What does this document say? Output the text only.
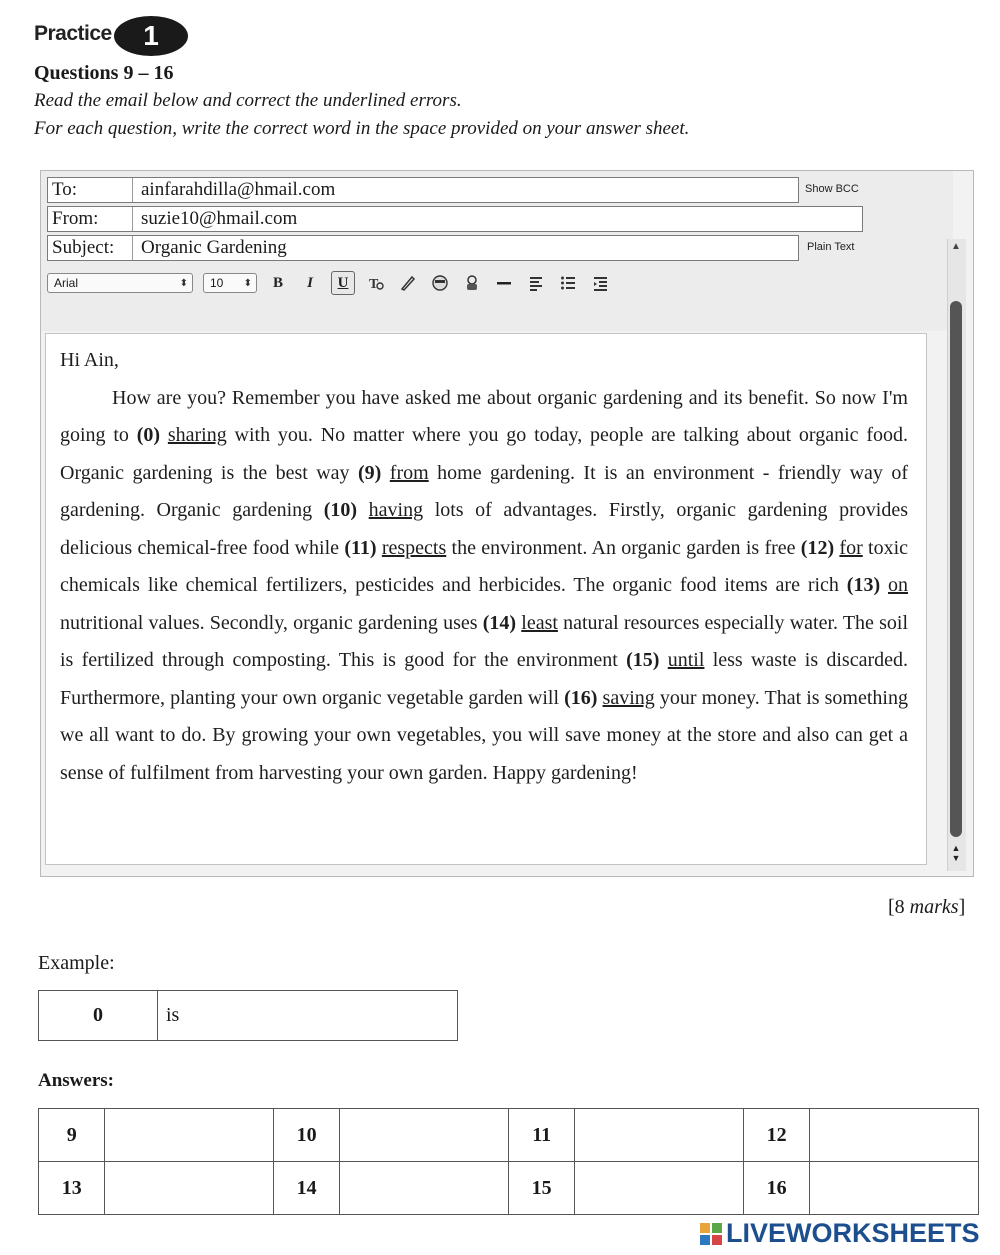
Practice	1
Questions 9 – 16
Read the email below and correct the underlined errors.
For each question, write the correct word in the space provided on your answer sheet.
To:	ainfarahdilla@hmail.com	Show BCC
From:	suzie10@hmail.com
Subject:	Organic Gardening	Plain Text
Arial	⬍ 10 ⬍	B	I	U	T

Hi Ain,

How are you? Remember you have asked me about organic gardening and its benefit. So now I'm going to (0) sharing with you. No matter where you go today, people are talking about organic food. Organic gardening is the best way (9) from home gardening. It is an environment - friendly way of gardening. Organic gardening (10) having lots of advantages. Firstly, organic gardening provides delicious chemical-free food while (11) respects the environment. An organic garden is free (12) for toxic chemicals like chemical fertilizers, pesticides and herbicides. The organic food items are rich (13) on nutritional values. Secondly, organic gardening uses (14) least natural resources especially water. The soil is fertilized through composting. This is good for the environment (15) until less waste is discarded. Furthermore, planting your own organic vegetable garden will (16) saving your money. That is something we all want to do. By growing your own vegetables, you will save money at the store and also can get a sense of fulfilment from harvesting your own garden. Happy gardening!

▲
▲
▼
[8 marks]
Example:
0	is
Answers:
9		10		11		12	
13		14		15		16	
LIVEWORKSHEETS
